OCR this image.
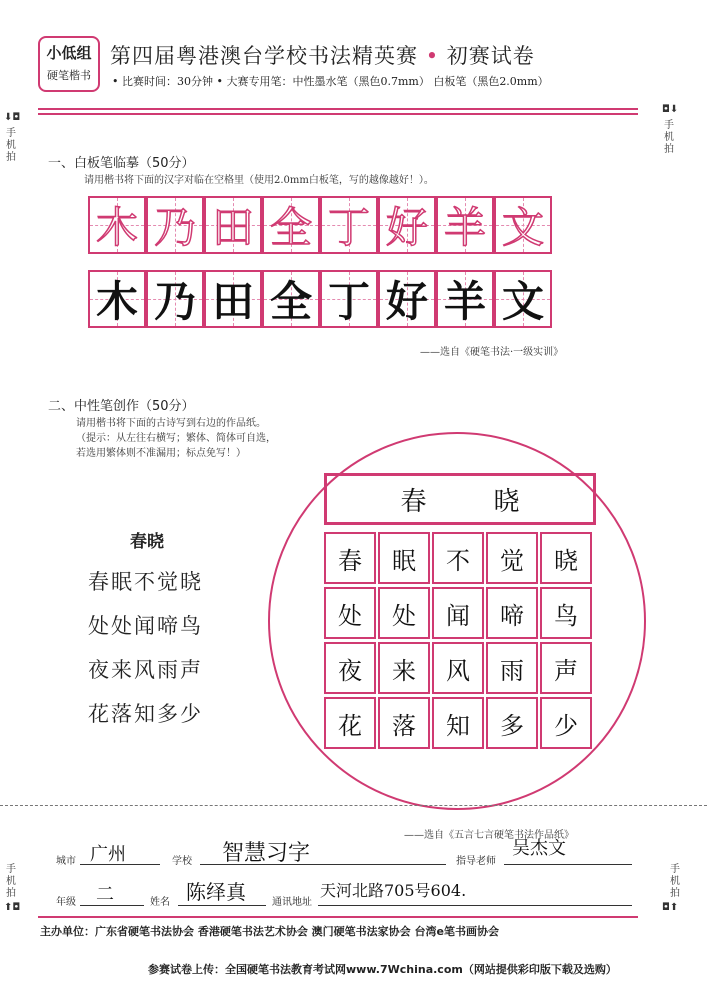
小低组
硬笔楷书
第四届粤港澳台学校书法精英赛 • 初赛试卷
• 比赛时间：30分钟 • 大赛专用笔：中性墨水笔（黑色0.7mm） 白板笔（黑色2.0mm）
⬇◘
手
机
拍
◘⬇
手
机
拍
手
机
拍
⬆◘
手
机
拍
◘⬆
一、白板笔临摹（50分）
请用楷书将下面的汉字对临在空格里（使用2.0mm白板笔，写的越像越好！）。
木 乃 田 全 丁 好 羊 文
木 乃 田 全 丁 好 羊 文
——选自《硬笔书法·一级实训》
二、中性笔创作（50分）
请用楷书将下面的古诗写到右边的作品纸。
（提示：从左往右横写；繁体、简体可自选，
若选用繁体则不准漏用；标点免写！）
春晓
春眠不觉晓
处处闻啼鸟
夜来风雨声
花落知多少
春	晓
春	眠	不	觉	晓
处	处	闻	啼	鸟
夜	来	风	雨	声
花	落	知	多	少
——选自《五言七言硬笔书法作品纸》
城市 广州	学校 智慧习字	指导老师
吴杰文
年级 二	姓名 陈绎真	通讯地址
天河北路705号604.
主办单位：广东省硬笔书法协会 香港硬笔书法艺术协会 澳门硬笔书法家协会 台湾e笔书画协会
参赛试卷上传：全国硬笔书法教育考试网www.7Wchina.com（网站提供彩印版下载及选购）
